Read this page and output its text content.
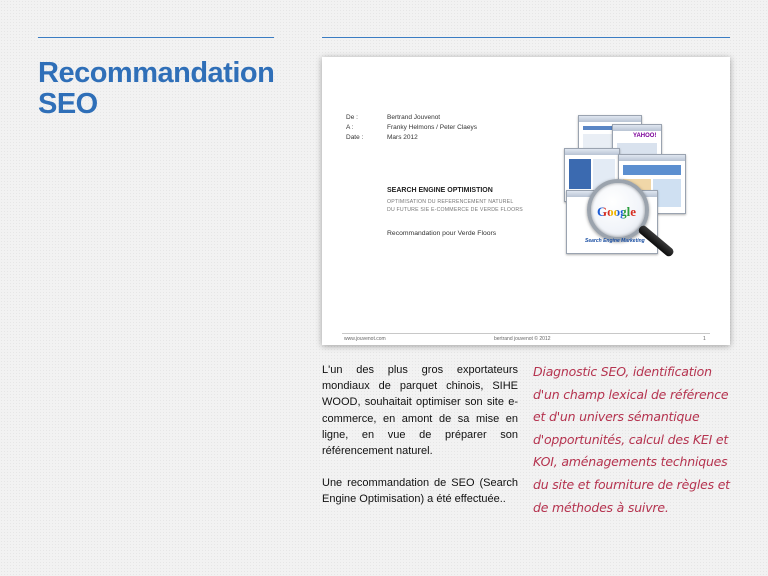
Recommandation SEO	De :	Bertrand Jouvenot
A :	Franky Helmons / Peter Claeys
Date :	Mars 2012
SEARCH ENGINE OPTIMISTION
OPTIMISATION DU REFERENCEMENT NATUREL
DU FUTURE SIE E-COMMERCE DE VERDE FLOORS
Recommandation pour Verde Floors
YAHOO!
Google
Search Engine Marketing
www.jouvenot.com	bertrand jouvenot © 2012	1

L'un des plus gros exportateurs mondiaux de parquet chinois, SIHE WOOD, souhaitait optimiser son site e-commerce, en amont de sa mise en ligne, en vue de préparer son référencement naturel.

Une recommandation de SEO (Search Engine Optimisation) a été effectuée..

Diagnostic SEO, identification d'un champ lexical de référence et d'un univers sémantique d'opportunités, calcul des KEI et KOI, aménagements techniques du site et fourniture de règles et de méthodes à suivre.
